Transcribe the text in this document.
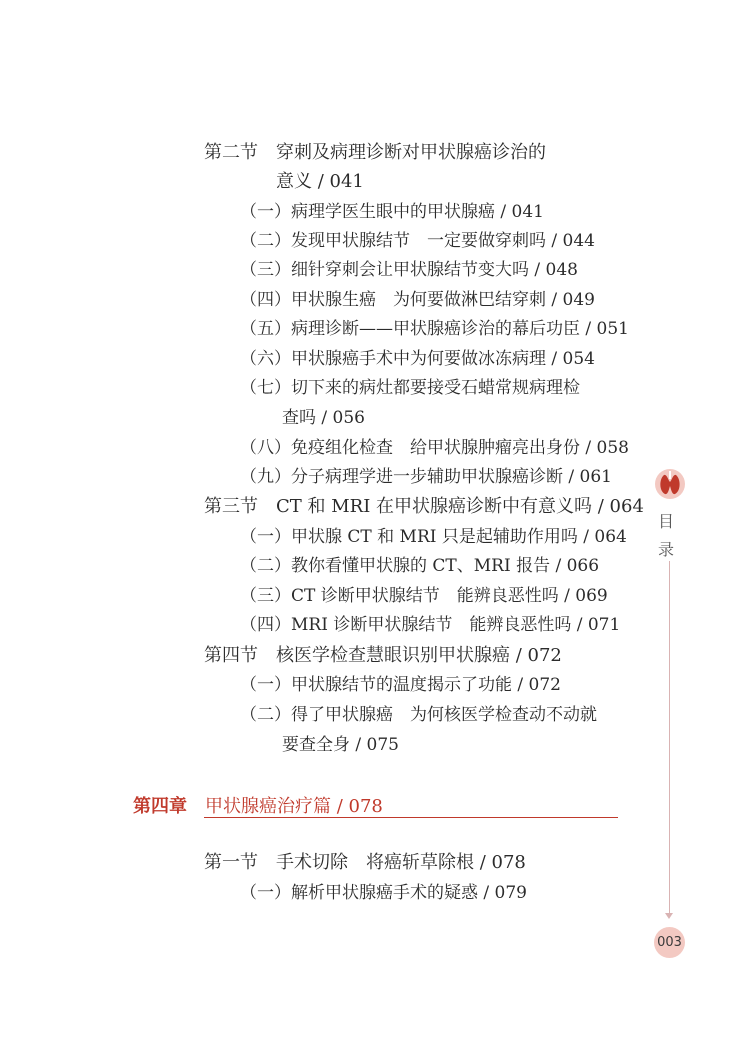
第二节　穿刺及病理诊断对甲状腺癌诊治的
意义 / 041
（一）病理学医生眼中的甲状腺癌 / 041
（二）发现甲状腺结节　一定要做穿刺吗 / 044
（三）细针穿刺会让甲状腺结节变大吗 / 048
（四）甲状腺生癌　为何要做淋巴结穿刺 / 049
（五）病理诊断——甲状腺癌诊治的幕后功臣 / 051
（六）甲状腺癌手术中为何要做冰冻病理 / 054
（七）切下来的病灶都要接受石蜡常规病理检
查吗 / 056
（八）免疫组化检查　给甲状腺肿瘤亮出身份 / 058
（九）分子病理学进一步辅助甲状腺癌诊断 / 061
第三节　CT 和 MRI 在甲状腺癌诊断中有意义吗 / 064
（一）甲状腺 CT 和 MRI 只是起辅助作用吗 / 064
（二）教你看懂甲状腺的 CT、MRI 报告 / 066
（三）CT 诊断甲状腺结节　能辨良恶性吗 / 069
（四）MRI 诊断甲状腺结节　能辨良恶性吗 / 071
第四节　核医学检查慧眼识别甲状腺癌 / 072
（一）甲状腺结节的温度揭示了功能 / 072
（二）得了甲状腺癌　为何核医学检查动不动就
要查全身 / 075
第四章 甲状腺癌治疗篇 / 078
第一节　手术切除　将癌斩草除根 / 078
（一）解析甲状腺癌手术的疑惑 / 079
目
录
003
